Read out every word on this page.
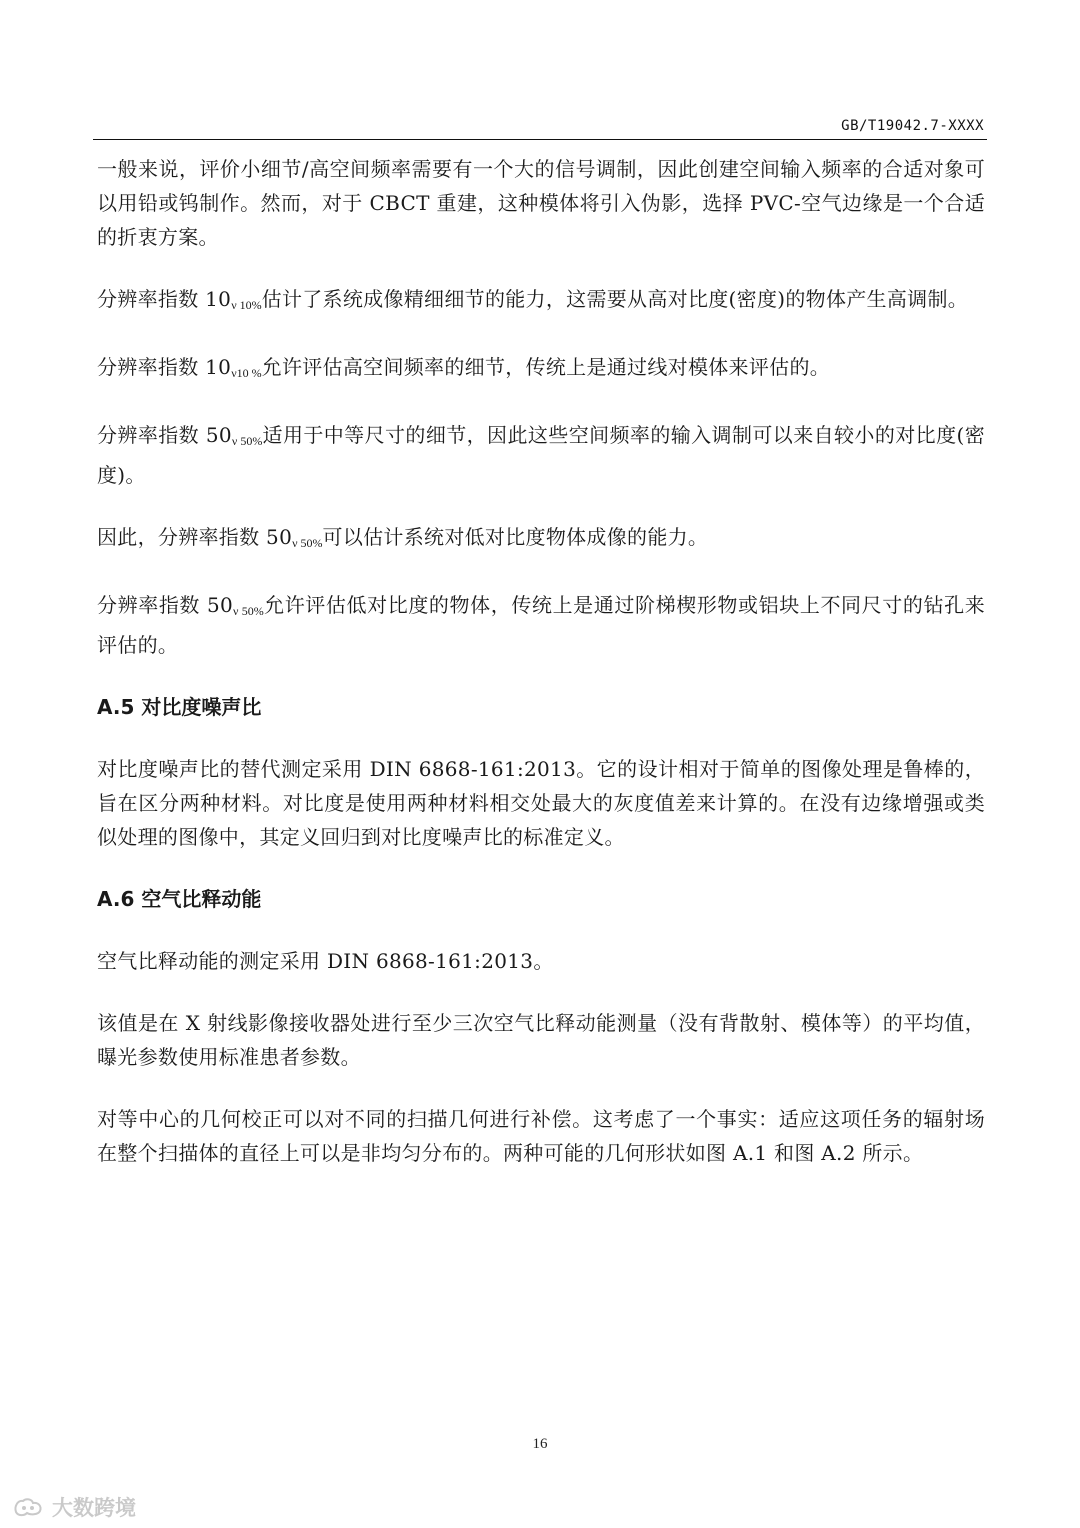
GB/T19042.7-XXXX

一般来说，评价小细节/高空间频率需要有一个大的信号调制，因此创建空间输入频率的合适对象可以用铅或钨制作。然而，对于 CBCT 重建，这种模体将引入伪影，选择 PVC-空气边缘是一个合适的折衷方案。

分辨率指数 $10_{\nu 10\%}$估计了系统成像精细细节的能力，这需要从高对比度(密度)的物体产生高调制。

分辨率指数 $10_{\nu 10 \%}$允许评估高空间频率的细节，传统上是通过线对模体来评估的。

分辨率指数 $50_{\nu 50\%}$适用于中等尺寸的细节，因此这些空间频率的输入调制可以来自较小的对比度(密度)。

因此，分辨率指数 $50_{\nu 50\%}$可以估计系统对低对比度物体成像的能力。

分辨率指数 $50_{\nu 50\%}$允许评估低对比度的物体，传统上是通过阶梯楔形物或铝块上不同尺寸的钻孔来评估的。

A.5 对比度噪声比

对比度噪声比的替代测定采用 DIN 6868-161:2013。它的设计相对于简单的图像处理是鲁棒的，旨在区分两种材料。对比度是使用两种材料相交处最大的灰度值差来计算的。在没有边缘增强或类似处理的图像中，其定义回归到对比度噪声比的标准定义。

A.6 空气比释动能

空气比释动能的测定采用 DIN 6868-161:2013。

该值是在 X 射线影像接收器处进行至少三次空气比释动能测量（没有背散射、模体等）的平均值，曝光参数使用标准患者参数。

对等中心的几何校正可以对不同的扫描几何进行补偿。这考虑了一个事实：适应这项任务的辐射场在整个扫描体的直径上可以是非均匀分布的。两种可能的几何形状如图 A.1 和图 A.2 所示。

16
大数跨境
